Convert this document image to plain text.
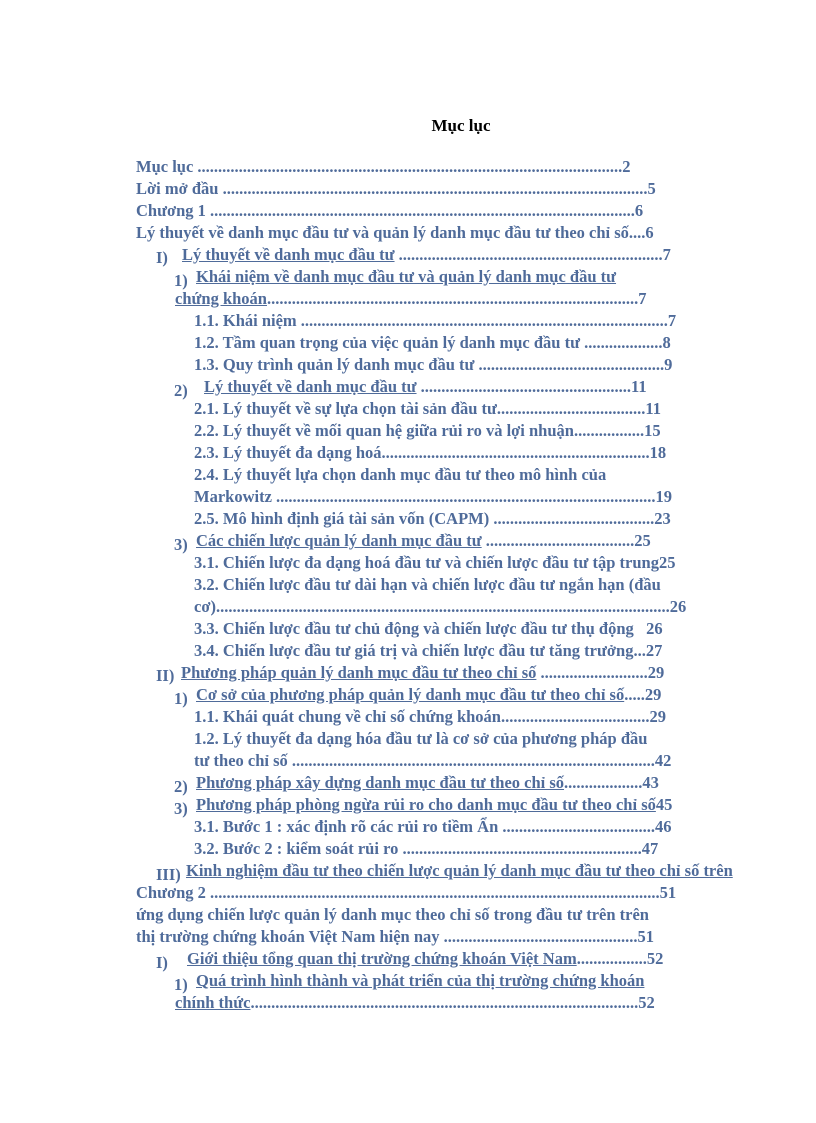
Mục lục
Mục lục .......................................................................................................2
Lời mở đầu .......................................................................................................5
Chương 1 .......................................................................................................6
Lý thuyết về danh mục đầu tư và quản lý danh mục đầu tư theo chỉ số....6
I) Lý thuyết về danh mục đầu tư ................................................................7
1) Khái niệm về danh mục đầu tư và quản lý danh mục đầu tư
chứng khoán..........................................................................................7
1.1. Khái niệm .........................................................................................7
1.2. Tầm quan trọng của việc quản lý danh mục đầu tư ...................8
1.3. Quy trình quản lý danh mục đầu tư .............................................9
2) Lý thuyết về danh mục đầu tư ...................................................11
2.1. Lý thuyết về sự lựa chọn tài sản đầu tư....................................11
2.2. Lý thuyết về mối quan hệ giữa rủi ro và lợi nhuận.................15
2.3. Lý thuyết đa dạng hoá.................................................................18
2.4. Lý thuyết lựa chọn danh mục đầu tư theo mô hình của
Markowitz ............................................................................................19
2.5. Mô hình định giá tài sản vốn (CAPM) .......................................23
3) Các chiến lược quản lý danh mục đầu tư ....................................25
3.1. Chiến lược đa dạng hoá đầu tư và chiến lược đầu tư tập trung25
3.2. Chiến lược đầu tư dài hạn và chiến lược đầu tư ngắn hạn (đầu
cơ)..............................................................................................................26
3.3. Chiến lược đầu tư chủ động và chiến lược đầu tư thụ động   26
3.4. Chiến lược đầu tư giá trị và chiến lược đầu tư tăng trưởng...27
II) Phương pháp quản lý danh mục đầu tư theo chỉ số ..........................29
1) Cơ sở của phương pháp quản lý danh mục đầu tư theo chỉ số.....29
1.1. Khái quát chung về chỉ số chứng khoán....................................29
1.2. Lý thuyết đa dạng hóa đầu tư là cơ sở của phương pháp đầu
tư theo chỉ số ........................................................................................42
2) Phương pháp xây dựng danh mục đầu tư theo chỉ số...................43
3) Phương pháp phòng ngừa rủi ro cho danh mục đầu tư theo chỉ số45
3.1. Bước 1 : xác định rõ các rủi ro tiềm Ẩn .....................................46
3.2. Bước 2 : kiểm soát rủi ro ..........................................................47
III) Kinh nghiệm đầu tư theo chiến lược quản lý danh mục đầu tư theo chỉ số trên
Chương 2 .............................................................................................................51
ứng dụng chiến lược quản lý danh mục theo chỉ số trong đầu tư trên trên
thị trường chứng khoán Việt Nam hiện nay ...............................................51
I)	Giới thiệu tổng quan thị trường chứng khoán Việt Nam.................52
1) Quá trình hình thành và phát triển của thị trường chứng khoán
chính thức..............................................................................................52
